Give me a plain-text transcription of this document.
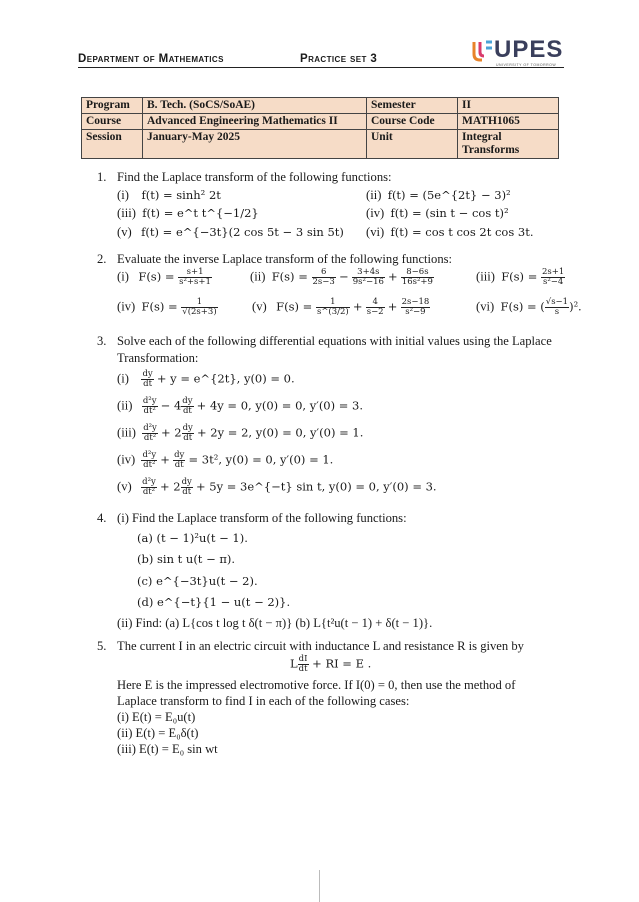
Department of Mathematics	Practice set 3	UPES
UNIVERSITY OF TOMORROW
Program	B. Tech. (SoCS/SoAE)	Semester	II
Course	Advanced Engineering Mathematics II	Course Code	MATH1065
Session	January-May 2025	Unit	Integral Transforms
1. Find the Laplace transform of the following functions:
(i)    f(t) = sinh² 2t	(ii)  f(t) = (5e^{2t} − 3)²
(iii)  f(t) = e^t t^{−1/2}	(iv)  f(t) = (sin t − cos t)²
(v)   f(t) = e^{−3t}(2 cos 5t − 3 sin 5t) (vi)  f(t) = cos t cos 2t cos 3t.
2. Evaluate the inverse Laplace transform of the following functions:
(i)   $F(s) = \frac{s+1}{\text{s²+s+1}}$	(ii)  $F(s) = \frac{6}{2s-3} - \frac{3+4s}{\text{9s²−16}} + \frac{8-6s}{\text{16s²+9}}$	(iii)  $F(s) = \frac{2s+1}{\text{s²−4}}$
(iv)  $F(s) = \frac{1}{√(2s+3)}$	(v)   $F(s) = \frac{1}{s\^{}(3/2)} + \frac{4}{s-2} + \frac{2s-18}{\text{s²−9}}$	(vi)  F(s) = ( $\frac{√s-1}{s} )^2$.
3. Solve each of the following differential equations with initial values using the Laplace Transformation:
$(i) \frac{dy}{dt} + y$ = e^{2t}, y(0) = 0.
$(ii) \frac{\text{d²y}}{\text{dt²}} - 4 \frac{dy}{dt} + 4y = 0$, y(0) = 0, y′(0) = 3.
$(iii) \frac{\text{d²y}}{\text{dt²}} + 2 \frac{dy}{dt} + 2y = 2$, y(0) = 0, y′(0) = 1.
$(iv) \frac{\text{d²y}}{\text{dt²}} + \frac{dy}{dt} = 3t^2$, y(0) = 0, y′(0) = 1.
$(v) \frac{\text{d²y}}{\text{dt²}} + 2 \frac{dy}{dt} + 5y$ = 3e^{−t} sin t, y(0) = 0, y′(0) = 3.
4. (i) Find the Laplace transform of the following functions:
(a) (t − 1)²u(t − 1).
(b) sin t u(t − π).
(c) e^{−3t}u(t − 2).
(d) e^{−t}{1 − u(t − 2)}.
(ii) Find: (a) L{cos t log t δ(t − π)} (b) L{t²u(t − 1) + δ(t − 1)}.
5. The current I in an electric circuit with inductance L and resistance R is given by
L $\frac{dI}{dt}$ + RI = E .
Here E is the impressed electromotive force. If I(0) = 0, then use the method of
Laplace transform to find I in each of the following cases:
(i) E(t) = E₀u(t)
(ii) E(t) = E₀δ(t)
(iii) E(t) = E₀ sin wt
